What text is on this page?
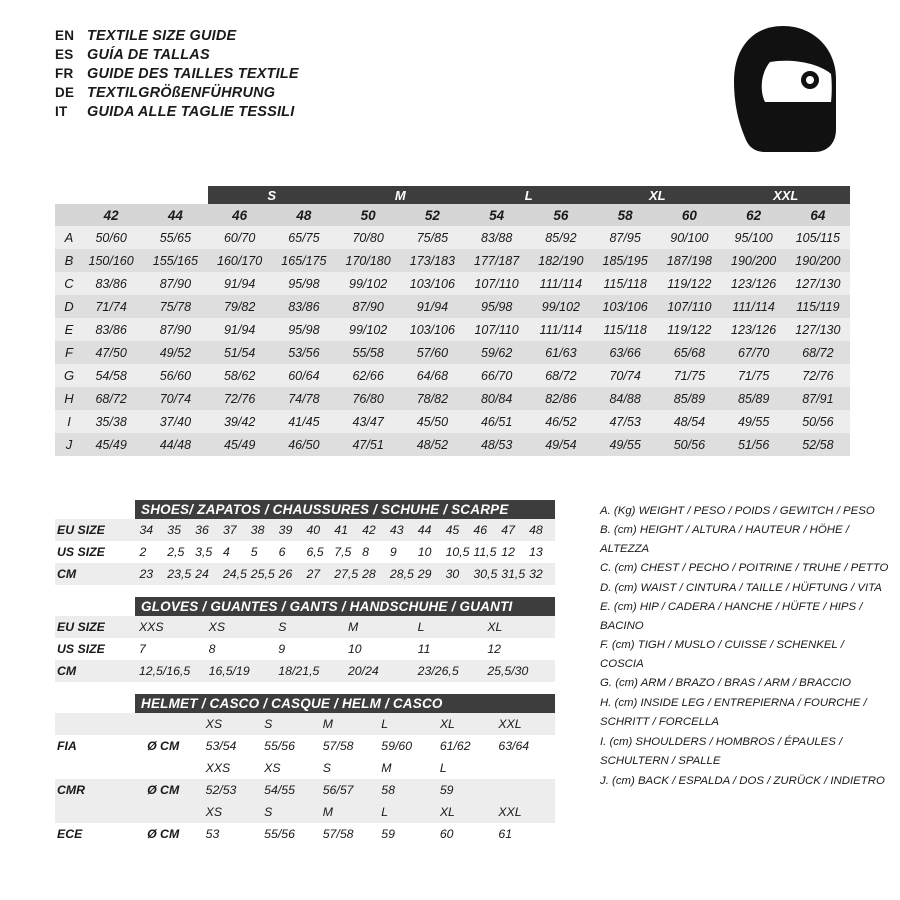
EN TEXTILE SIZE GUIDE
ES GUÍA DE TALLAS
FR GUIDE DES TAILLES TEXTILE
DE TEXTILGRÖßENFÜHRUNG
IT	GUIDA ALLE TAGLIE TESSILI
			S		M		L		XL		XXL		
	42	44	46	48	50	52	54	56	58	60	62	64	
A	50/60	55/65	60/70	65/75	70/80	75/85	83/88	85/92	87/95	90/100	95/100	105/115	
B	150/160	155/165	160/170	165/175	170/180	173/183	177/187	182/190	185/195	187/198	190/200	190/200	
C	83/86	87/90	91/94	95/98	99/102	103/106	107/110	111/114	115/118	119/122	123/126	127/130	
D	71/74	75/78	79/82	83/86	87/90	91/94	95/98	99/102	103/106	107/110	111/114	115/119	
E	83/86	87/90	91/94	95/98	99/102	103/106	107/110	111/114	115/118	119/122	123/126	127/130	
F	47/50	49/52	51/54	53/56	55/58	57/60	59/62	61/63	63/66	65/68	67/70	68/72	
G	54/58	56/60	58/62	60/64	62/66	64/68	66/70	68/72	70/74	71/75	71/75	72/76	
H	68/72	70/74	72/76	74/78	76/80	78/82	80/84	82/86	84/88	85/89	85/89	87/91	
I	35/38	37/40	39/42	41/45	43/47	45/50	46/51	46/52	47/53	48/54	49/55	50/56	
J	45/49	44/48	45/49	46/50	47/51	48/52	48/53	49/54	49/55	50/56	51/56	52/58	
SHOES/ ZAPATOS / CHAUSSURES / SCHUHE / SCARPE
EU SIZE	34	35	36	37	38	39	40	41	42	43	44	45	46	47	48
US SIZE	2	2,5	3,5	4	5	6	6,5	7,5	8	9	10	10,5	11,5	12	13
CM	23	23,5	24	24,5	25,5	26	27	27,5	28	28,5	29	30	30,5	31,5	32
GLOVES / GUANTES / GANTS / HANDSCHUHE / GUANTI
EU SIZE	XXS	XS	S	M	L	XL
US SIZE	7	8	9	10	11	12
CM	12,5/16,5	16,5/19	18/21,5	20/24	23/26,5	25,5/30
HELMET / CASCO / CASQUE / HELM / CASCO
		XS	S	M	L	XL	XXL
FIA	Ø CM	53/54	55/56	57/58	59/60	61/62	63/64
		XXS	XS	S	M	L	
CMR	Ø CM	52/53	54/55	56/57	58	59	
		XS	S	M	L	XL	XXL
ECE	Ø CM	53	55/56	57/58	59	60	61
A. (Kg) WEIGHT / PESO / POIDS / GEWITCH / PESO
B. (cm) HEIGHT / ALTURA / HAUTEUR / HÖHE / ALTEZZA
C. (cm) CHEST / PECHO / POITRINE / TRUHE / PETTO
D. (cm) WAIST / CINTURA / TAILLE / HÜFTUNG / VITA
E. (cm) HIP / CADERA / HANCHE / HÜFTE / HIPS / BACINO
F. (cm) TIGH / MUSLO / CUISSE / SCHENKEL / COSCIA
G. (cm) ARM / BRAZO / BRAS / ARM / BRACCIO
H. (cm) INSIDE LEG / ENTREPIERNA / FOURCHE /
SCHRITT / FORCELLA
I. (cm) SHOULDERS / HOMBROS / ÉPAULES /
SCHULTERN / SPALLE
J. (cm) BACK / ESPALDA / DOS / ZURÜCK / INDIETRO
